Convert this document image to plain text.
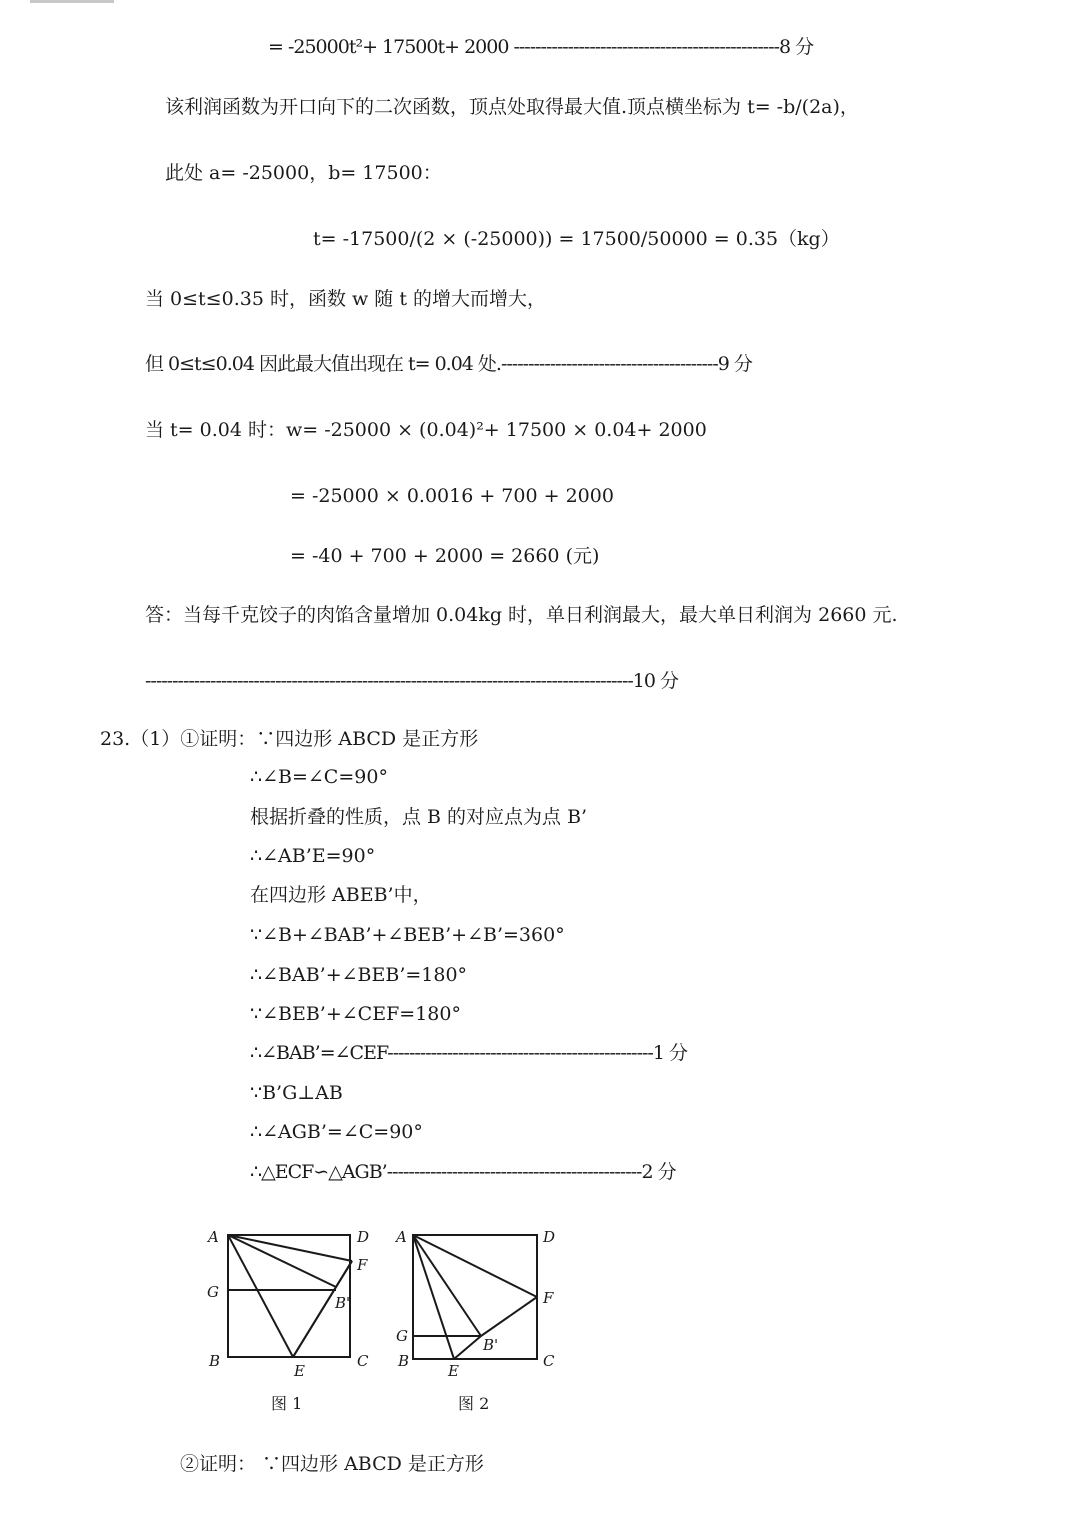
= -25000t²+ 17500t+ 2000 -------------------------------------------------8 分
该利润函数为开口向下的二次函数，顶点处取得最大值.顶点横坐标为 t= -b/(2a)，
此处 a= -25000，b= 17500：
t= -17500/(2 × (-25000)) = 17500/50000 = 0.35（kg）
当 0≤t≤0.35 时，函数 w 随 t 的增大而增大，
但 0≤t≤0.04 因此最大值出现在 t= 0.04 处.----------------------------------------9 分
当 t= 0.04 时：w= -25000 × (0.04)²+ 17500 × 0.04+ 2000
= -25000 × 0.0016 + 700 + 2000
= -40 + 700 + 2000 = 2660 (元)
答：当每千克饺子的肉馅含量增加 0.04kg 时，单日利润最大，最大单日利润为 2660 元.
------------------------------------------------------------------------------------------10 分
23.（1）①证明：∵四边形 ABCD 是正方形
∴∠B=∠C=90°
根据折叠的性质，点 B 的对应点为点 B’
∴∠AB’E=90°
在四边形 ABEB’中，
∵∠B+∠BAB’+∠BEB’+∠B’=360°
∴∠BAB’+∠BEB’=180°
∵∠BEB’+∠CEF=180°
∴∠BAB’=∠CEF-------------------------------------------------1 分
∵B’G⊥AB
∴∠AGB’=∠C=90°
∴△ECF∽△AGB’-----------------------------------------------2 分
A	D
F
G
B'
B
E
C
A	D
F
G	B'
B
E
C
图 1	图 2
②证明： ∵四边形 ABCD 是正方形
